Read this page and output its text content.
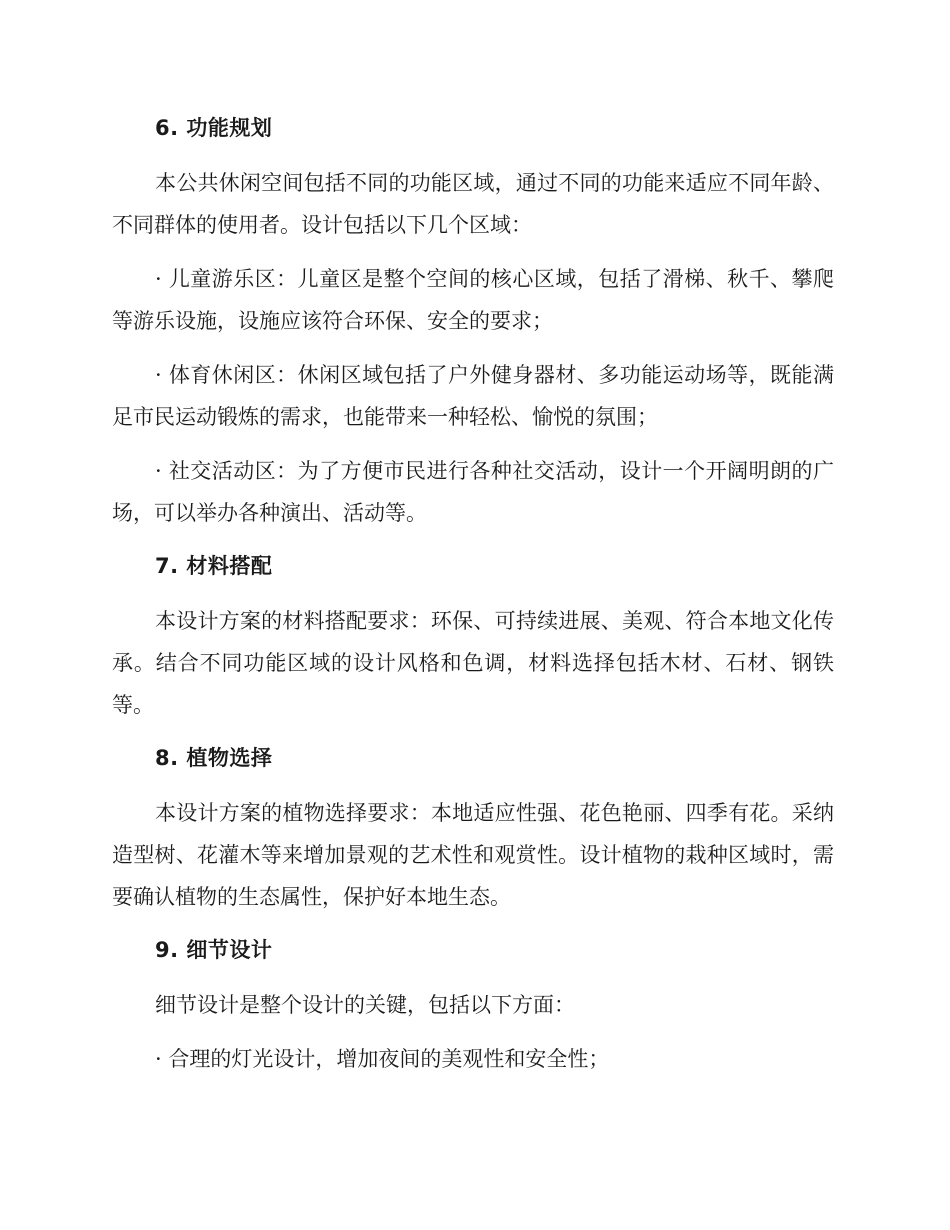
6. 功能规划

本公共休闲空间包括不同的功能区域，通过不同的功能来适应不同年龄、不同群体的使用者。设计包括以下几个区域：

· 儿童游乐区：儿童区是整个空间的核心区域，包括了滑梯、秋千、攀爬等游乐设施，设施应该符合环保、安全的要求；

· 体育休闲区：休闲区域包括了户外健身器材、多功能运动场等，既能满足市民运动锻炼的需求，也能带来一种轻松、愉悦的氛围；

· 社交活动区：为了方便市民进行各种社交活动，设计一个开阔明朗的广场，可以举办各种演出、活动等。

7. 材料搭配

本设计方案的材料搭配要求：环保、可持续进展、美观、符合本地文化传承。结合不同功能区域的设计风格和色调，材料选择包括木材、石材、钢铁等。

8. 植物选择

本设计方案的植物选择要求：本地适应性强、花色艳丽、四季有花。采纳造型树、花灌木等来增加景观的艺术性和观赏性。设计植物的栽种区域时，需要确认植物的生态属性，保护好本地生态。

9. 细节设计

细节设计是整个设计的关键，包括以下方面：

· 合理的灯光设计，增加夜间的美观性和安全性；
